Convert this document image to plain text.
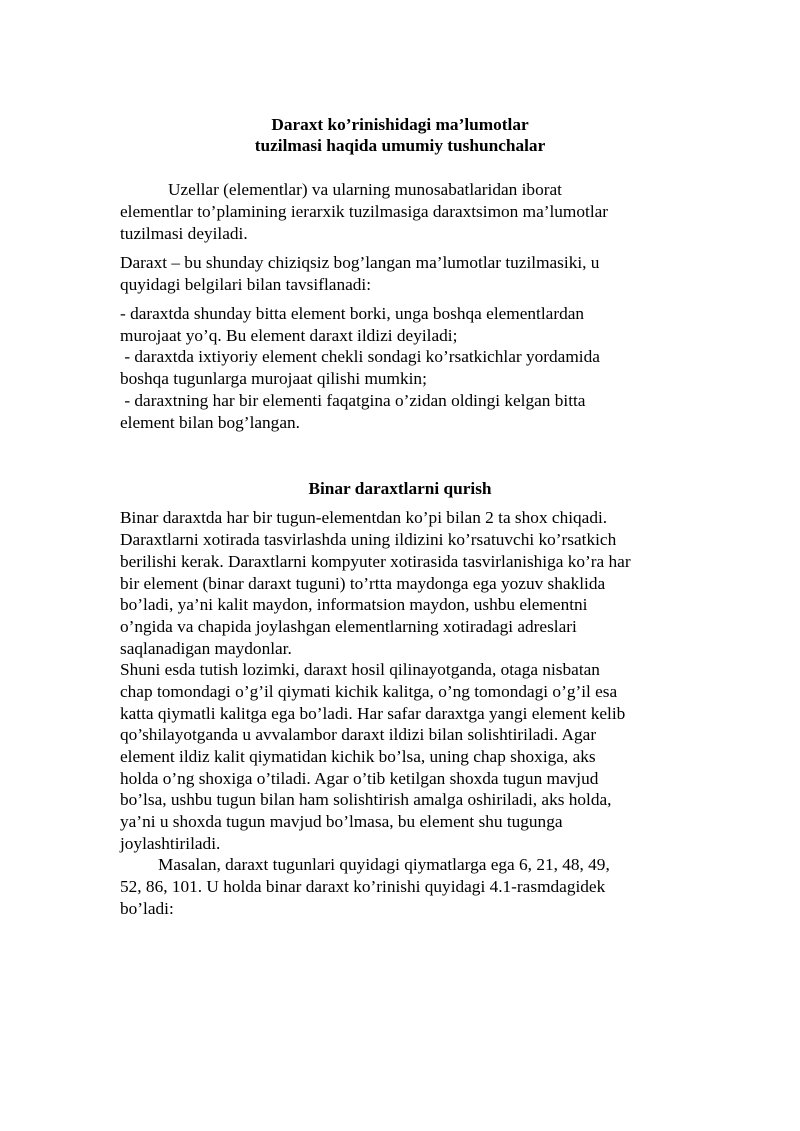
Daraxt ko’rinishidagi ma’lumotlar
tuzilmasi haqida umumiy tushunchalar
Uzellar (elementlar) va ularning munosabatlaridan iborat
elementlar to’plamining ierarxik tuzilmasiga daraxtsimon ma’lumotlar
tuzilmasi deyiladi.
Daraxt – bu shunday chiziqsiz bog’langan ma’lumotlar tuzilmasiki, u
quyidagi belgilari bilan tavsiflanadi:
- daraxtda shunday bitta element borki, unga boshqa elementlardan
murojaat yo’q. Bu element daraxt ildizi deyiladi;
- daraxtda ixtiyoriy element chekli sondagi ko’rsatkichlar yordamida
boshqa tugunlarga murojaat qilishi mumkin;
- daraxtning har bir elementi faqatgina o’zidan oldingi kelgan bitta
element bilan bog’langan.
Binar daraxtlarni qurish
Binar daraxtda har bir tugun-elementdan ko’pi bilan 2 ta shox chiqadi.
Daraxtlarni xotirada tasvirlashda uning ildizini ko’rsatuvchi ko’rsatkich
berilishi kerak. Daraxtlarni kompyuter xotirasida tasvirlanishiga ko’ra har
bir element (binar daraxt tuguni) to’rtta maydonga ega yozuv shaklida
bo’ladi, ya’ni kalit maydon, informatsion maydon, ushbu elementni
o’ngida va chapida joylashgan elementlarning xotiradagi adreslari
saqlanadigan maydonlar.
Shuni esda tutish lozimki, daraxt hosil qilinayotganda, otaga nisbatan
chap tomondagi o’g’il qiymati kichik kalitga, o’ng tomondagi o’g’il esa
katta qiymatli kalitga ega bo’ladi. Har safar daraxtga yangi element kelib
qo’shilayotganda u avvalambor daraxt ildizi bilan solishtiriladi. Agar
element ildiz kalit qiymatidan kichik bo’lsa, uning chap shoxiga, aks
holda o’ng shoxiga o’tiladi. Agar o’tib ketilgan shoxda tugun mavjud
bo’lsa, ushbu tugun bilan ham solishtirish amalga oshiriladi, aks holda,
ya’ni u shoxda tugun mavjud bo’lmasa, bu element shu tugunga
joylashtiriladi.
Masalan, daraxt tugunlari quyidagi qiymatlarga ega 6, 21, 48, 49,
52, 86, 101. U holda binar daraxt ko’rinishi quyidagi 4.1-rasmdagidek
bo’ladi:
